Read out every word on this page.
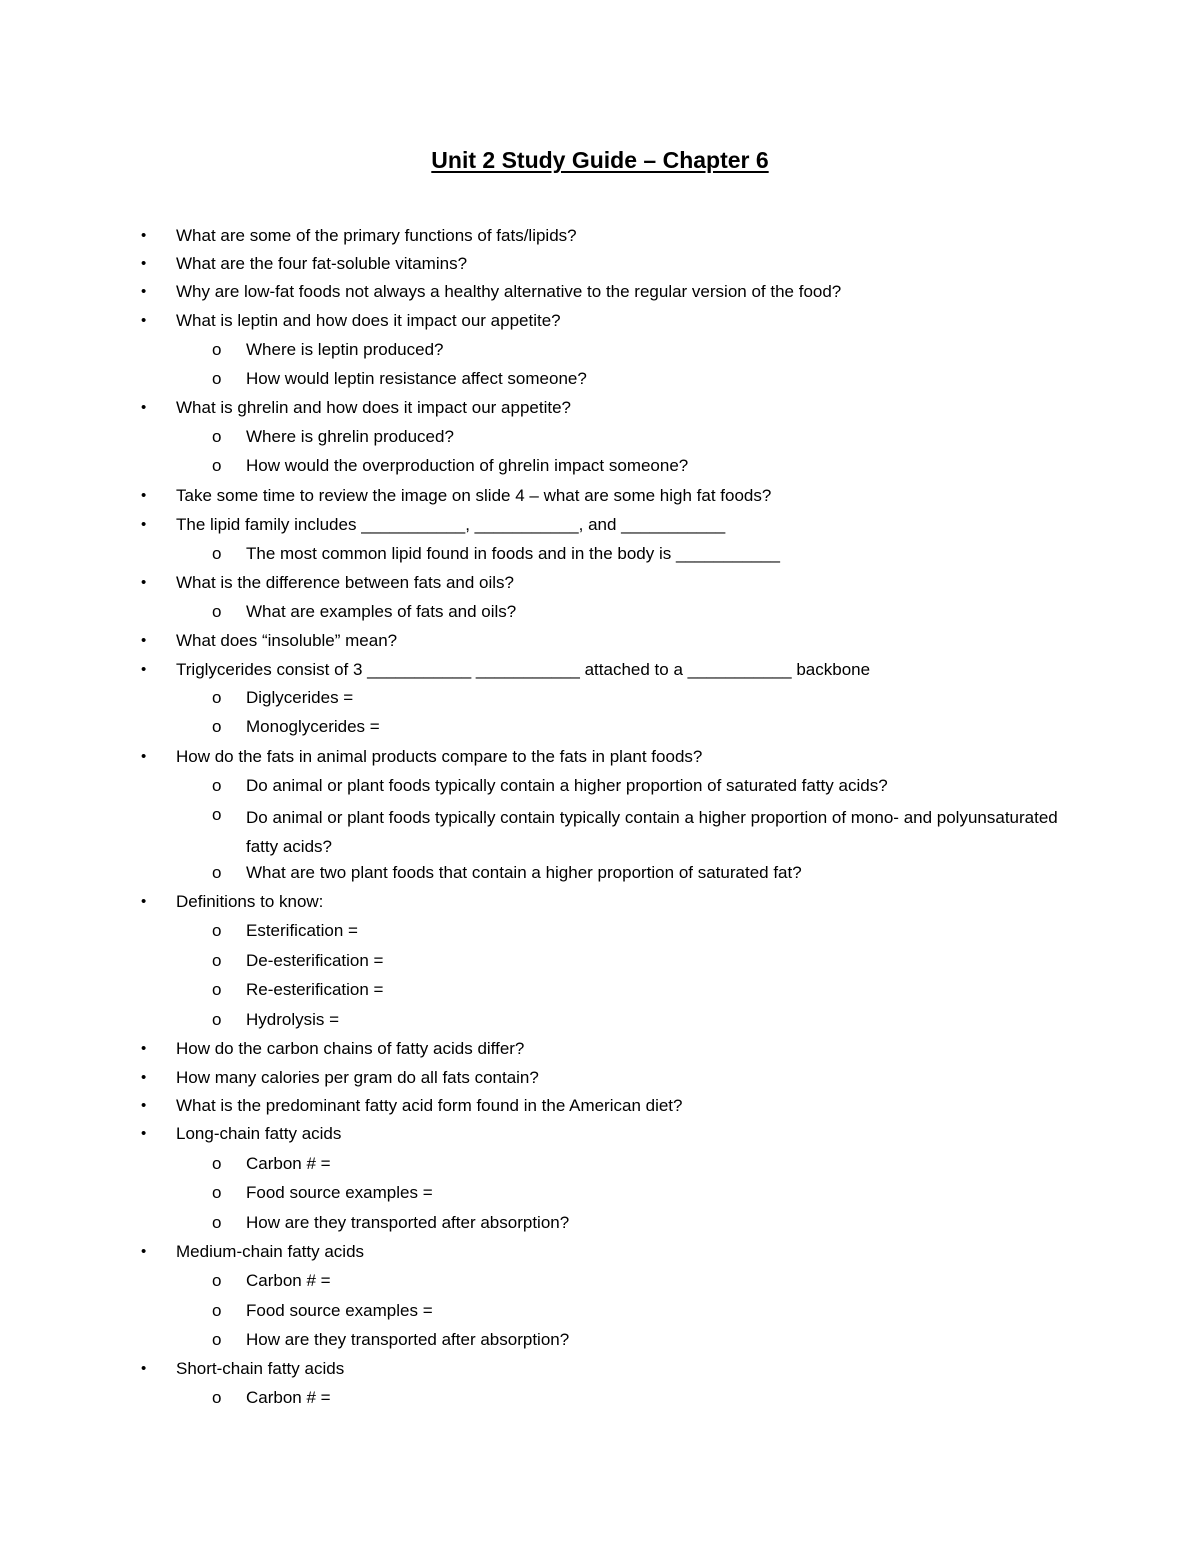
Unit 2 Study Guide – Chapter 6
• What are some of the primary functions of fats/lipids?
• What are the four fat-soluble vitamins?
• Why are low-fat foods not always a healthy alternative to the regular version of the food?
• What is leptin and how does it impact our appetite?
o Where is leptin produced?
o How would leptin resistance affect someone?
• What is ghrelin and how does it impact our appetite?
o Where is ghrelin produced?
o How would the overproduction of ghrelin impact someone?
• Take some time to review the image on slide 4 – what are some high fat foods?
• The lipid family includes ___________, ___________, and ___________
o The most common lipid found in foods and in the body is ___________
• What is the difference between fats and oils?
o What are examples of fats and oils?
• What does “insoluble” mean?
• Triglycerides consist of 3 ___________ ___________ attached to a ___________ backbone
o Diglycerides =
o Monoglycerides =
• How do the fats in animal products compare to the fats in plant foods?
o Do animal or plant foods typically contain a higher proportion of saturated fatty acids?
o Do animal or plant foods typically contain typically contain a higher proportion of mono- and polyunsaturated fatty acids?
o What are two plant foods that contain a higher proportion of saturated fat?
• Definitions to know:
o Esterification =
o De-esterification =
o Re-esterification =
o Hydrolysis =
• How do the carbon chains of fatty acids differ?
• How many calories per gram do all fats contain?
• What is the predominant fatty acid form found in the American diet?
• Long-chain fatty acids
o Carbon # =
o Food source examples =
o How are they transported after absorption?
• Medium-chain fatty acids
o Carbon # =
o Food source examples =
o How are they transported after absorption?
• Short-chain fatty acids
o Carbon # =
